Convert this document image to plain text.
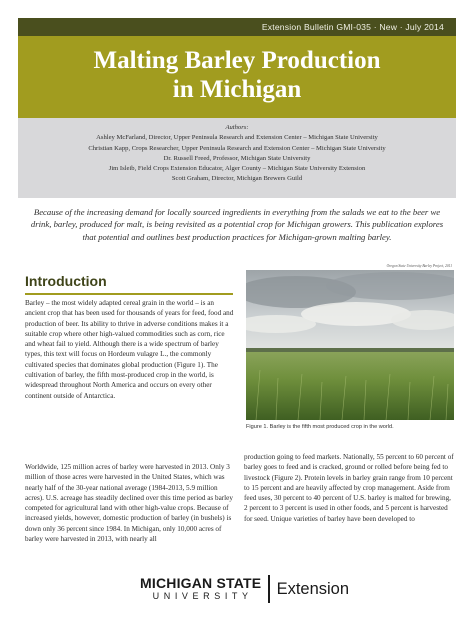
Extension Bulletin GMI-035 · New · July 2014
Malting Barley Production
in Michigan
Authors:
Ashley McFarland, Director, Upper Peninsula Research and Extension Center – Michigan State University
Christian Kapp, Crops Researcher, Upper Peninsula Research and Extension Center – Michigan State University
Dr. Russell Freed, Professor, Michigan State University
Jim Isleib, Field Crops Extension Educator, Alger County – Michigan State University Extension
Scott Graham, Director, Michigan Brewers Guild
Because of the increasing demand for locally sourced ingredients in everything from the salads we eat to the beer we drink, barley, produced for malt, is being revisited as a potential crop for Michigan growers. This publication explores that potential and outlines best production practices for Michigan-grown malting barley.
Introduction
Barley – the most widely adapted cereal grain in the world – is an ancient crop that has been used for thousands of years for feed, food and production of beer. Its ability to thrive in adverse conditions makes it a suitable crop where other high-valued commodities such as corn, rice and wheat fail to yield. Although there is a wide spectrum of barley types, this text will focus on Hordeum vulagre L., the commonly cultivated species that dominates global production (Figure 1). The cultivation of barley, the fifth most-produced crop in the world, is widespread throughout North America and occurs on every other continent outside of Antarctica.
Worldwide, 125 million acres of barley were harvested in 2013. Only 3 million of those acres were harvested in the United States, which was nearly half of the 30-year national average (1984-2013, 5.9 million acres). U.S. acreage has steadily declined over this time period as barley competed for agricultural land with other high-value crops. Because of increased yields, however, domestic production of barley (in bushels) is down only 36 percent since 1984. In Michigan, only 10,000 acres of barley were harvested in 2013, with nearly all
production going to feed markets. Nationally, 55 percent to 60 percent of barley goes to feed and is cracked, ground or rolled before being fed to livestock (Figure 2). Protein levels in barley grain range from 10 percent to 15 percent and are heavily affected by crop management. Aside from feed uses, 30 percent to 40 percent of U.S. barley is malted for brewing, 2 percent to 3 percent is used in other foods, and 5 percent is harvested for seed. Unique varieties of barley have been developed to
Oregon State University Barley Project, 2011
Figure 1. Barley is the fifth most produced crop in the world.
MICHIGAN STATE
UNIVERSITY Extension
